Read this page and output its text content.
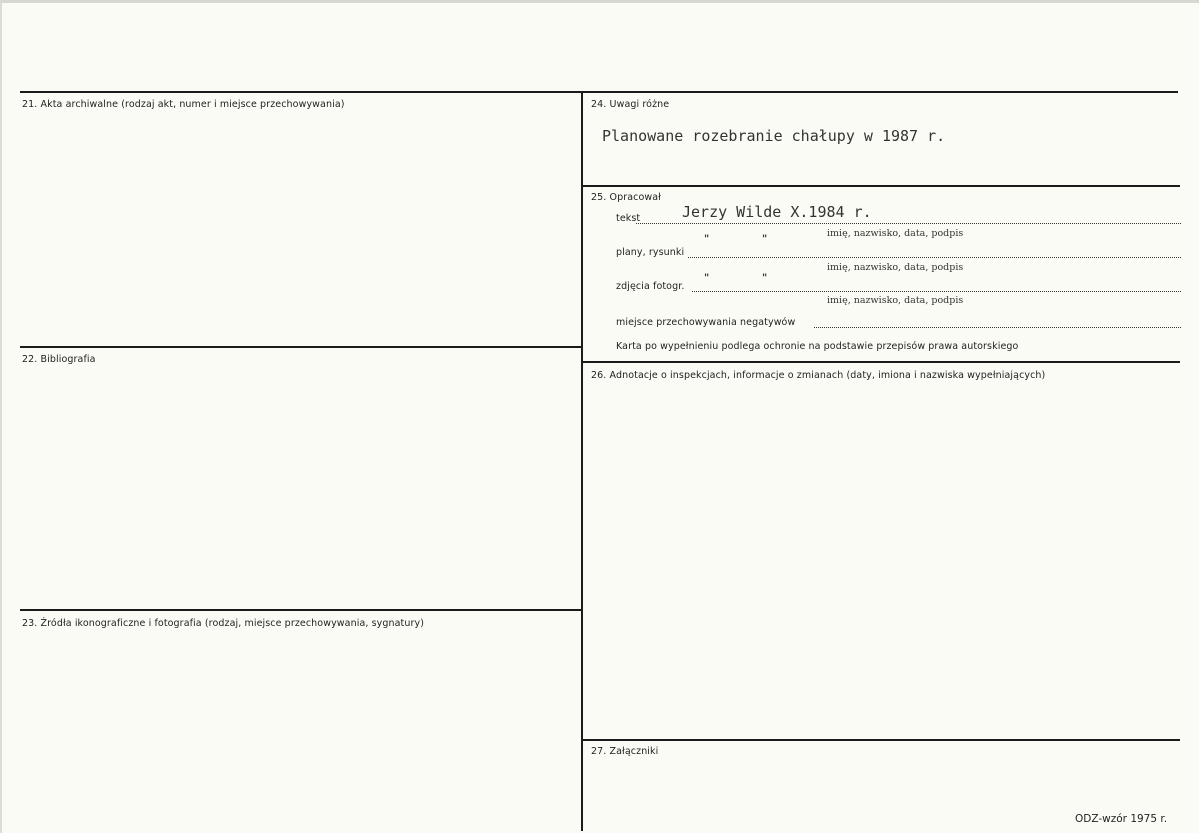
21. Akta archiwalne (rodzaj akt, numer i miejsce przechowywania)
22. Bibliografia
23. Źródła ikonograficzne i fotografia (rodzaj, miejsce przechowywania, sygnatury)
24. Uwagi różne
Planowane rozebranie chałupy w 1987 r.
25. Opracował
tekst	Jerzy Wilde X.1984 r.
imię, nazwisko, data, podpis
"	"
plany, rysunki
imię, nazwisko, data, podpis
"	"
zdjęcia fotogr.
imię, nazwisko, data, podpis
miejsce przechowywania negatywów
Karta po wypełnieniu podlega ochronie na podstawie przepisów prawa autorskiego
26. Adnotacje o inspekcjach, informacje o zmianach (daty, imiona i nazwiska wypełniających)
27. Załączniki
ODZ-wzór 1975 r.
